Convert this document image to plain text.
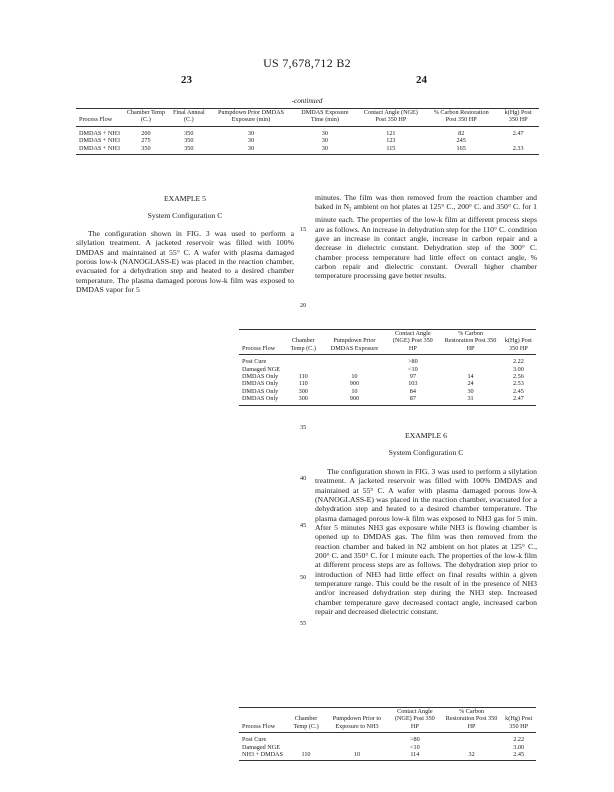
US 7,678,712 B2
23	24
-continued
Process Flow	Chamber Temp (C.)	Final Anneal (C.)	Pumpdown Prior DMDAS Exposure (min)	DMDAS Exposure Time (min)	Contact Angle (NGE) Post 350 HP	% Carbon Restoration Post 350 HP	k(Hg) Post 350 HP
DMDAS + NH3	200	350	30	30	121	82	2.47
DMDAS + NH3	275	350	30	30	123	245	
DMDAS + NH3	350	350	30	30	115	165	2.33
EXAMPLE 5
System Configuration C

The configuration shown in FIG. 3 was used to perform a silylation treatment. A jacketed reservoir was filled with 100% DMDAS and maintained at 55° C. A wafer with plasma damaged porous low-k (NANOGLASS-E) was placed in the reaction chamber, evacuated for a dehydration step and heated to a desired chamber temperature. The plasma damaged porous low-k film was exposed to DMDAS vapor for 5

minutes. The film was then removed from the reaction chamber and baked in $N_2$ ambient on hot plates at 125° C., 200° C. and 350° C. for 1 minute each. The properties of the low-k film at different process steps are as follows. An increase in dehydration step for the 110° C. condition gave an increase in contact angle, increase in carbon repair and a decrease in dielectric constant. Dehydration step of the 300° C. chamber process temperature had little effect on contact angle, % carbon repair and dielectric constant. Overall higher chamber temperature processing gave better results.

15
20
35
40
45
50
55
Process Flow	Chamber Temp (C.)	Pumpdown Prior DMDAS Exposure	Contact Angle (NGE) Post 350 HP	% Carbon Restoration Post 350 HP	k(Hg) Post 350 HP
Post Cure			>80		2.22
Damaged NGE			<10		3.00
DMDAS Only	110	10	97	14	2.56
DMDAS Only	110	900	103	24	2.53
DMDAS Only	300	10	84	30	2.45
DMDAS Only	300	900	87	31	2.47
EXAMPLE 6
System Configuration C

The configuration shown in FIG. 3 was used to perform a silylation treatment. A jacketed reservoir was filled with 100% DMDAS and maintained at 55° C. A wafer with plasma damaged porous low-k (NANOGLASS-E) was placed in the reaction chamber, evacuated for a dehydration step and heated to a desired chamber temperature. The plasma damaged porous low-k film was exposed to NH3 gas for 5 min. After 5 minutes NH3 gas exposure while NH3 is flowing chamber is opened up to DMDAS gas. The film was then removed from the reaction chamber and baked in N2 ambient on hot plates at 125° C., 200° C. and 350° C. for 1 minute each. The properties of the low-k film at different process steps are as follows. The dehydration step prior to introduction of NH3 had little effect on final results within a given temperature range. This could be the result of in the presence of NH3 and/or increased dehydration step during the NH3 step. Increased chamber temperature gave decreased contact angle, increased carbon repair and decreased dielectric constant.

Process Flow	Chamber Temp (C.)	Pumpdown Prior to Exposure to NH3	Contact Angle (NGE) Post 350 HP	% Carbon Restoration Post 350 HP	k(Hg) Post 350 HP
Post Cure			>80		2.22
Damaged NGE			<10		3.00
NH3 + DMDAS	110	10	114	32	2.45
